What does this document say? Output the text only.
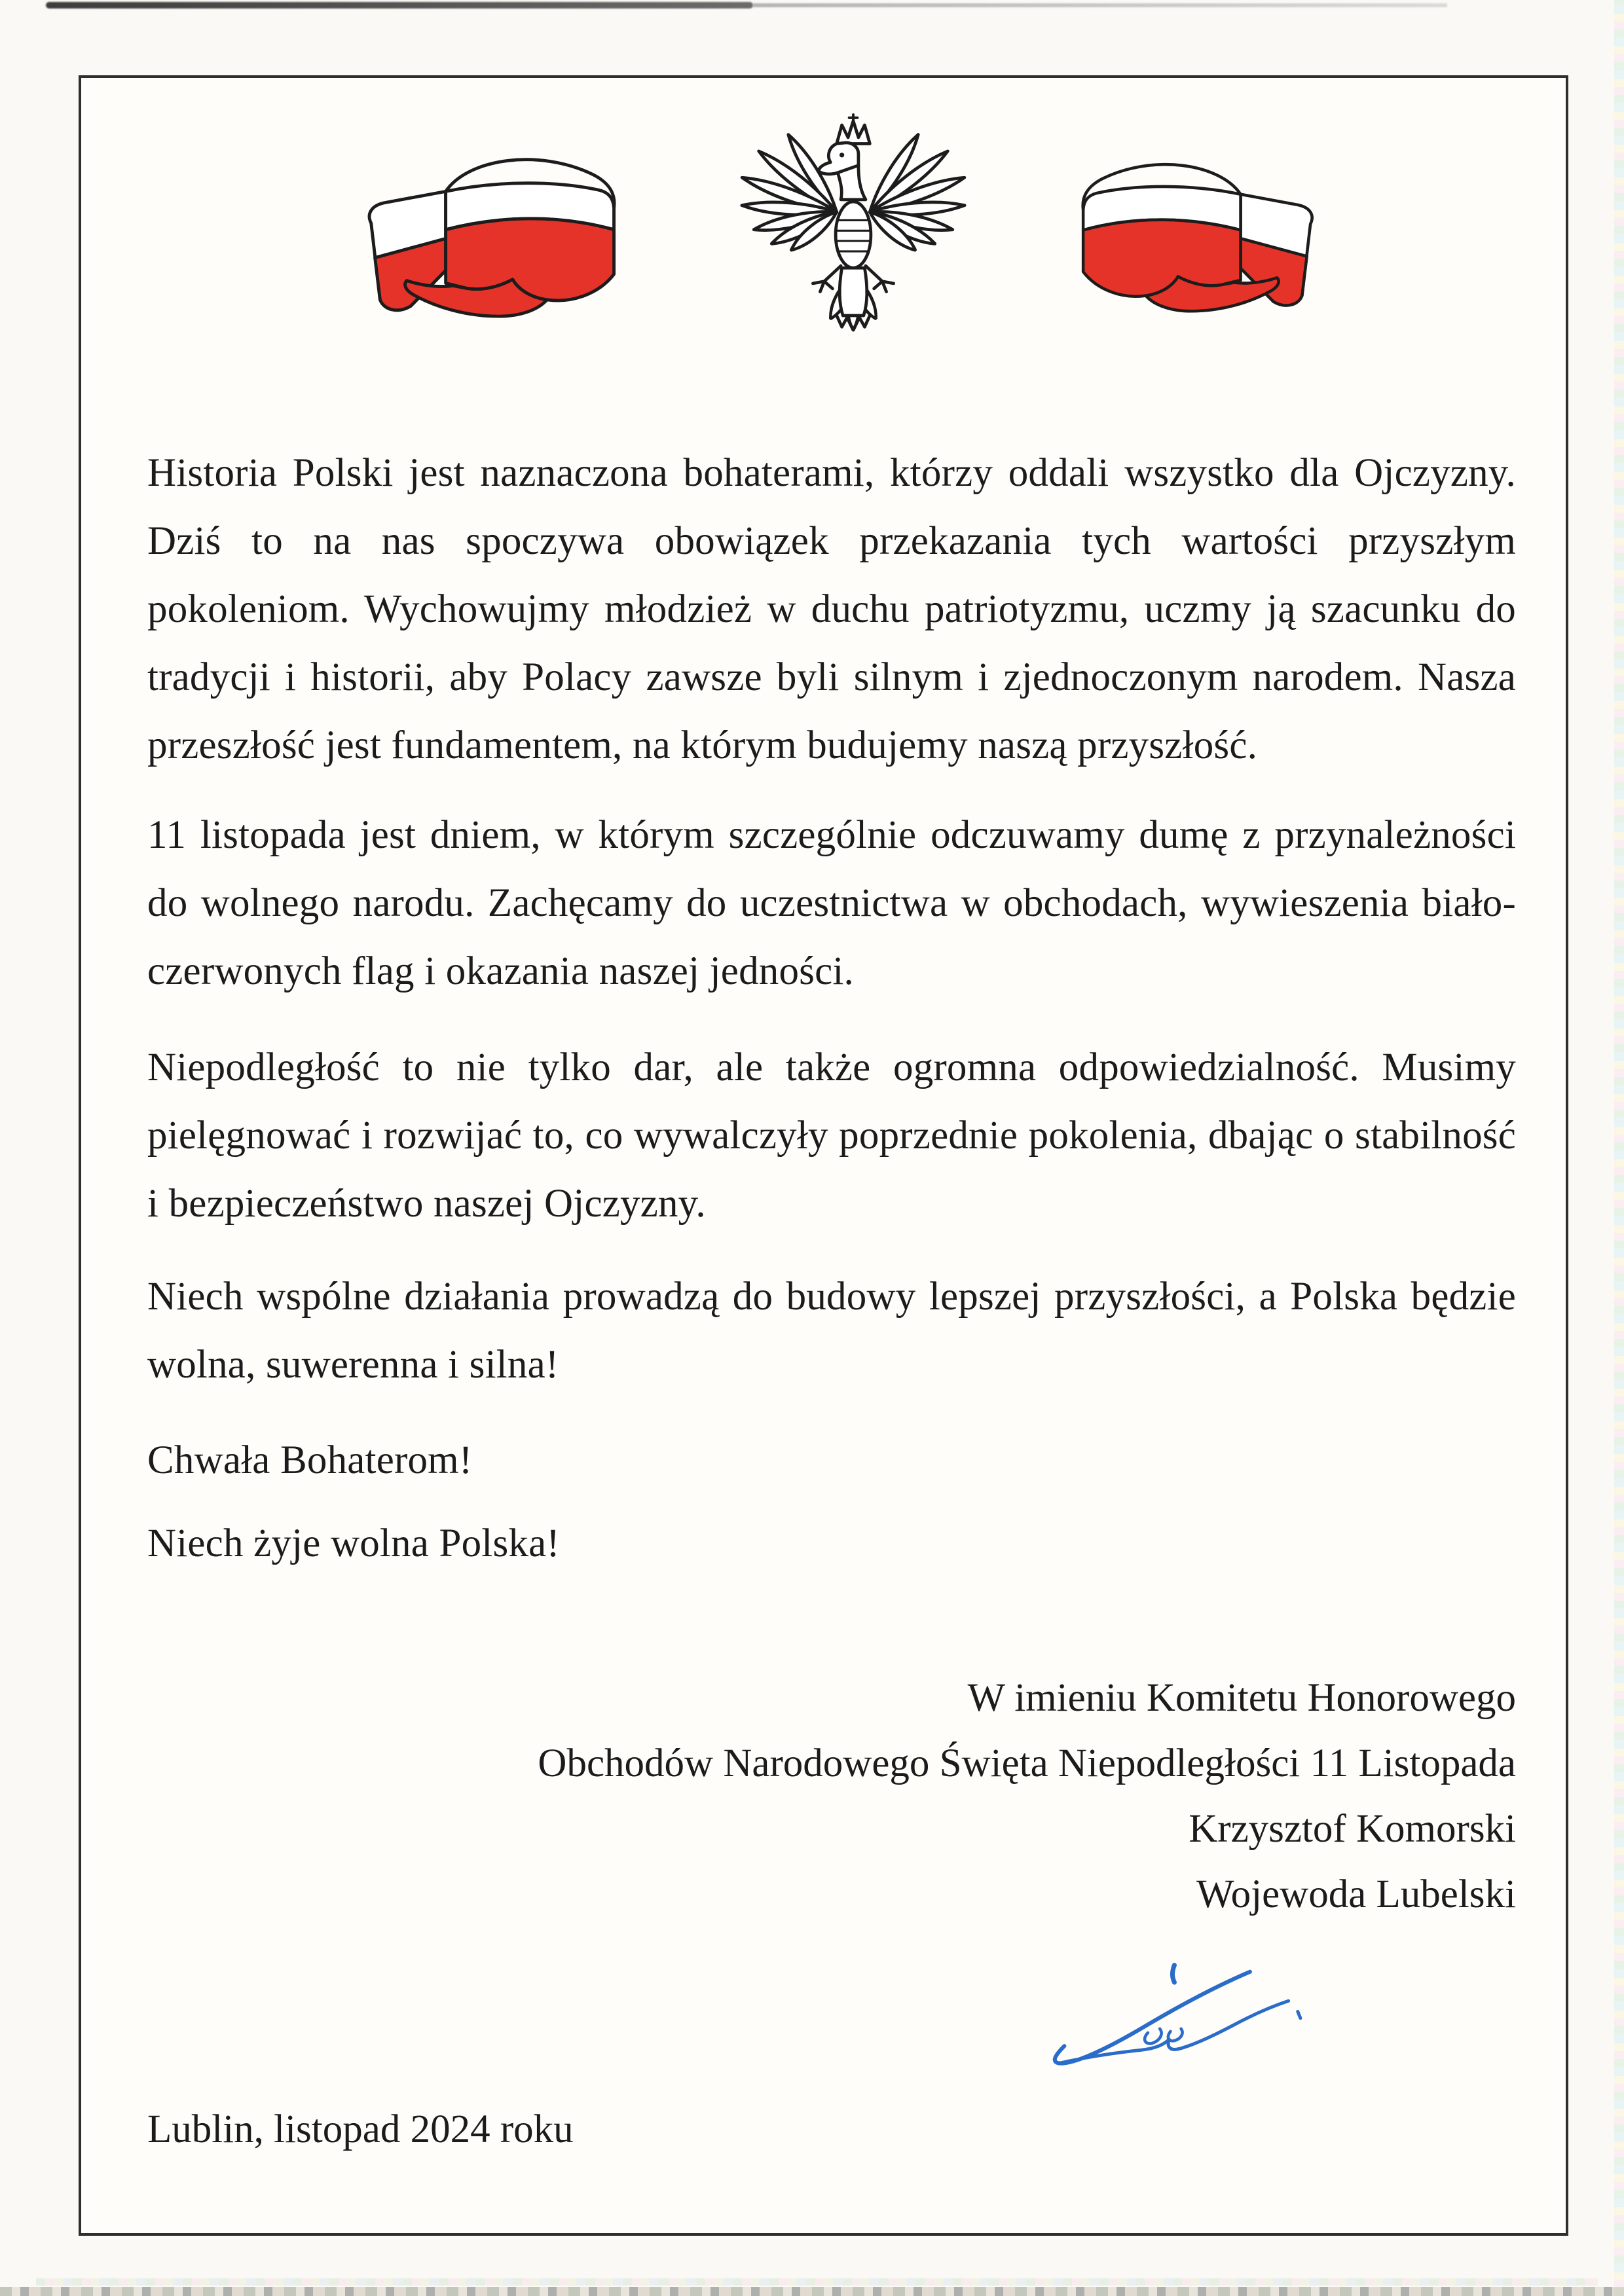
Historia Polski jest naznaczona bohaterami, którzy oddali wszystko dla Ojczyzny. Dziś to na nas spoczywa obowiązek przekazania tych wartości przyszłym pokoleniom. Wychowujmy młodzież w duchu patriotyzmu, uczmy ją szacunku do tradycji i historii, aby Polacy zawsze byli silnym i zjednoczonym narodem. Nasza przeszłość jest fundamentem, na którym budujemy naszą przyszłość.

11 listopada jest dniem, w którym szczególnie odczuwamy dumę z przynależności do wolnego narodu. Zachęcamy do uczestnictwa w obchodach, wywieszenia biało-czerwonych flag i okazania naszej jedności.

Niepodległość to nie tylko dar, ale także ogromna odpowiedzialność. Musimy pielęgnować i rozwijać to, co wywalczyły poprzednie pokolenia, dbając o stabilność i bezpieczeństwo naszej Ojczyzny.

Niech wspólne działania prowadzą do budowy lepszej przyszłości, a Polska będzie wolna, suwerenna i silna!

Chwała Bohaterom!

Niech żyje wolna Polska!

W imieniu Komitetu Honorowego
Obchodów Narodowego Święta Niepodległości 11 Listopada
Krzysztof Komorski
Wojewoda Lubelski

Lublin, listopad 2024 roku
